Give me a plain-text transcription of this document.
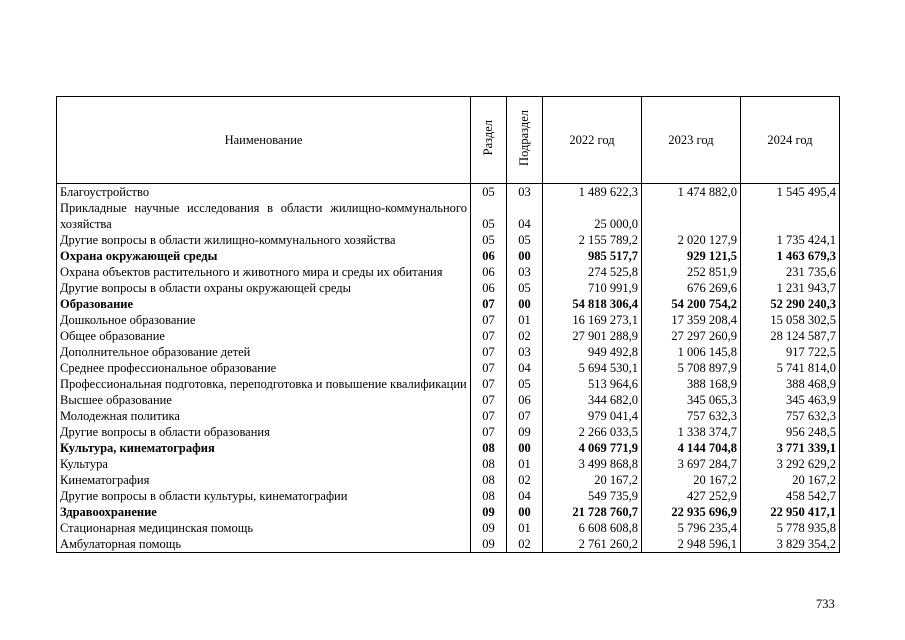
Наименование	Раздел	Подраздел	2022 год	2023 год	2024 год
Благоустройство	05	03	1 489 622,3	1 474 882,0	1 545 495,4
Прикладные научные исследования в области жилищно-коммунального хозяйства	05	04	25 000,0		
Другие вопросы в области жилищно-коммунального хозяйства	05	05	2 155 789,2	2 020 127,9	1 735 424,1
Охрана окружающей среды	06	00	985 517,7	929 121,5	1 463 679,3
Охрана объектов растительного и животного мира и среды их обитания	06	03	274 525,8	252 851,9	231 735,6
Другие вопросы в области охраны окружающей среды	06	05	710 991,9	676 269,6	1 231 943,7
Образование	07	00	54 818 306,4	54 200 754,2	52 290 240,3
Дошкольное образование	07	01	16 169 273,1	17 359 208,4	15 058 302,5
Общее образование	07	02	27 901 288,9	27 297 260,9	28 124 587,7
Дополнительное образование детей	07	03	949 492,8	1 006 145,8	917 722,5
Среднее профессиональное образование	07	04	5 694 530,1	5 708 897,9	5 741 814,0
Профессиональная подготовка, переподготовка и повышение квалификации	07	05	513 964,6	388 168,9	388 468,9
Высшее образование	07	06	344 682,0	345 065,3	345 463,9
Молодежная политика	07	07	979 041,4	757 632,3	757 632,3
Другие вопросы в области образования	07	09	2 266 033,5	1 338 374,7	956 248,5
Культура, кинематография	08	00	4 069 771,9	4 144 704,8	3 771 339,1
Культура	08	01	3 499 868,8	3 697 284,7	3 292 629,2
Кинематография	08	02	20 167,2	20 167,2	20 167,2
Другие вопросы в области культуры, кинематографии	08	04	549 735,9	427 252,9	458 542,7
Здравоохранение	09	00	21 728 760,7	22 935 696,9	22 950 417,1
Стационарная медицинская помощь	09	01	6 608 608,8	5 796 235,4	5 778 935,8
Амбулаторная помощь	09	02	2 761 260,2	2 948 596,1	3 829 354,2
733
